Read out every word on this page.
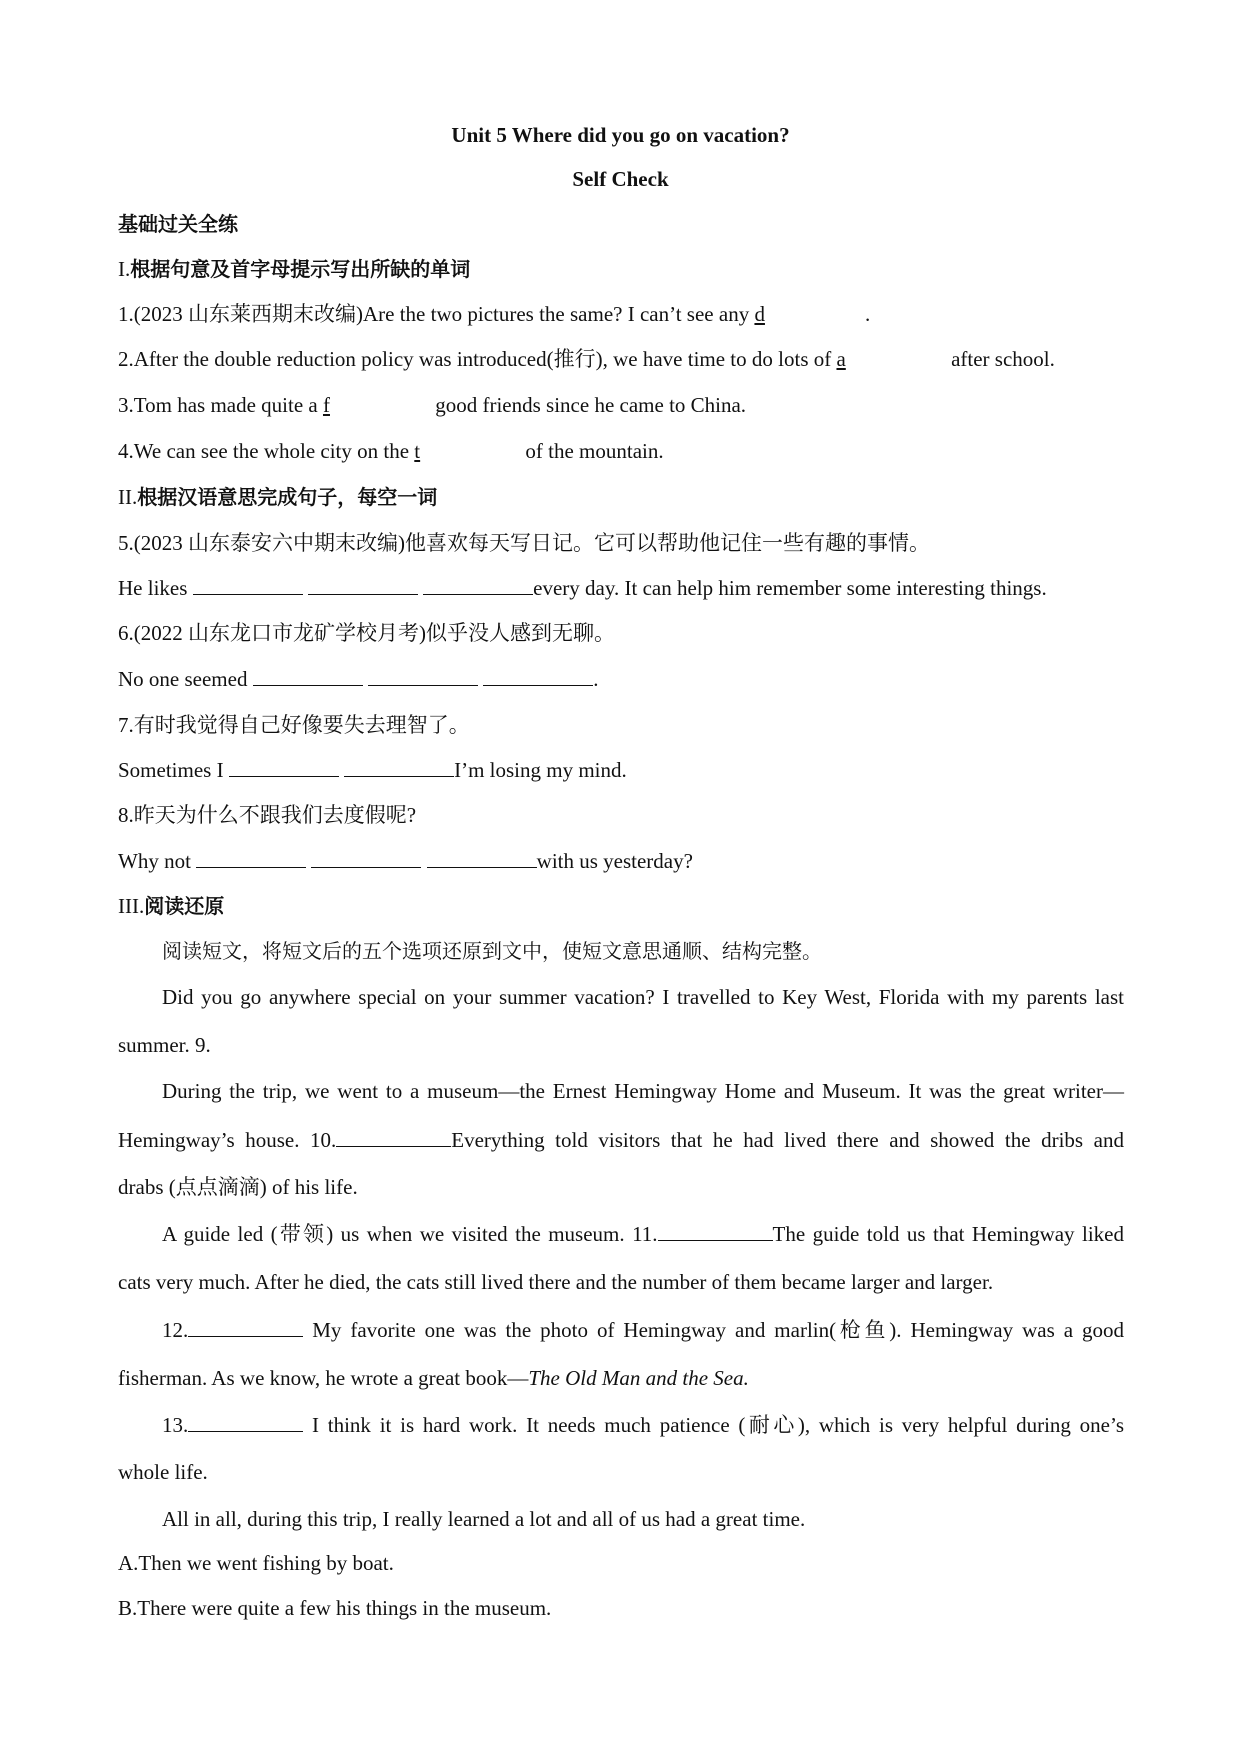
Unit 5 Where did you go on vacation?
Self Check
基础过关全练
I.根据句意及首字母提示写出所缺的单词
1.(2023 山东莱西期末改编)Are the two pictures the same? I can’t see any d	.
2.After the double reduction policy was introduced(推行), we have time to do lots of a	after school.
3.Tom has made quite a f	good friends since he came to China.
4.We can see the whole city on the t	of the mountain.
II.根据汉语意思完成句子，每空一词
5.(2023 山东泰安六中期末改编)他喜欢每天写日记。它可以帮助他记住一些有趣的事情。
He likes	every day. It can help him remember some interesting things.
6.(2022 山东龙口市龙矿学校月考)似乎没人感到无聊。
No one seemed	.
7.有时我觉得自己好像要失去理智了。
Sometimes I	I’m losing my mind.
8.昨天为什么不跟我们去度假呢?
Why not	with us yesterday?
III.阅读还原
阅读短文，将短文后的五个选项还原到文中，使短文意思通顺、结构完整。
Did you go anywhere special on your summer vacation? I travelled to Key West, Florida with my parents last
summer. 9.
During the trip, we went to a museum—the Ernest Hemingway Home and Museum. It was the great writer—
Hemingway’s house. 10.	Everything told visitors that he had lived there and showed the dribs and
drabs (点点滴滴) of his life.
A guide led (带领) us when we visited the museum. 11.	The guide told us that Hemingway liked
cats very much. After he died, the cats still lived there and the number of them became larger and larger.
12.	My favorite one was the photo of Hemingway and marlin(枪鱼). Hemingway was a good
fisherman. As we know, he wrote a great book—The Old Man and the Sea.
13.	I think it is hard work. It needs much patience (耐心), which is very helpful during one’s
whole life.
All in all, during this trip, I really learned a lot and all of us had a great time.
A.Then we went fishing by boat.
B.There were quite a few his things in the museum.
